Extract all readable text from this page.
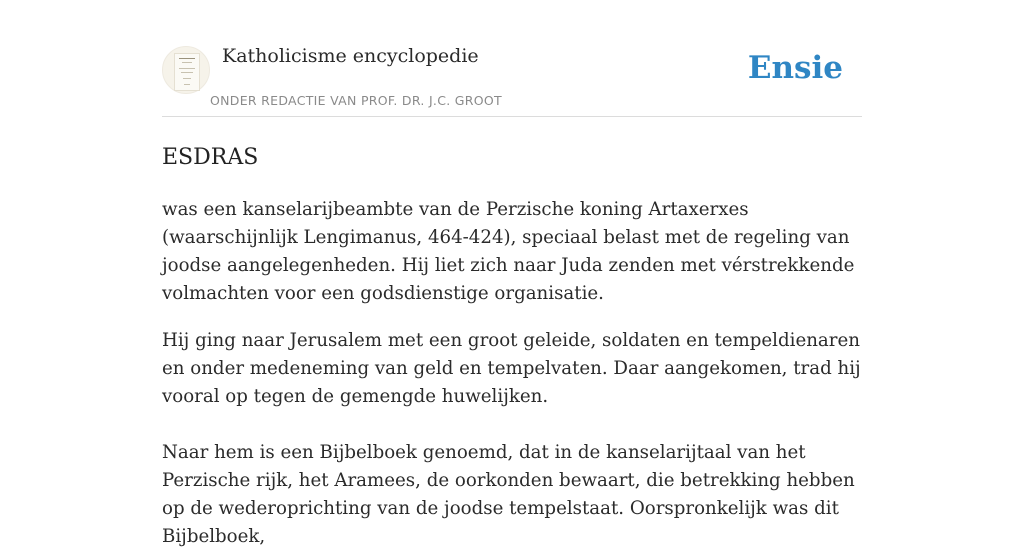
Katholicisme encyclopedie
ONDER REDACTIE VAN PROF. DR. J.C. GROOT
Ensie
ESDRAS

was een kanselarijbeambte van de Perzische koning Artaxerxes (waarschijnlijk Lengimanus, 464-424), speciaal belast met de regeling van joodse aangelegenheden. Hij liet zich naar Juda zenden met vérstrekkende volmachten voor een godsdienstige organisatie.

Hij ging naar Jerusalem met een groot geleide, soldaten en tempeldienaren en onder medeneming van geld en tempelvaten. Daar aangekomen, trad hij vooral op tegen de gemengde huwelijken.

Naar hem is een Bijbelboek genoemd, dat in de kanselarijtaal van het Perzische rijk, het Aramees, de oorkonden bewaart, die betrekking hebben op de wederoprichting van de joodse tempelstaat. Oorspronkelijk was dit Bijbelboek,
